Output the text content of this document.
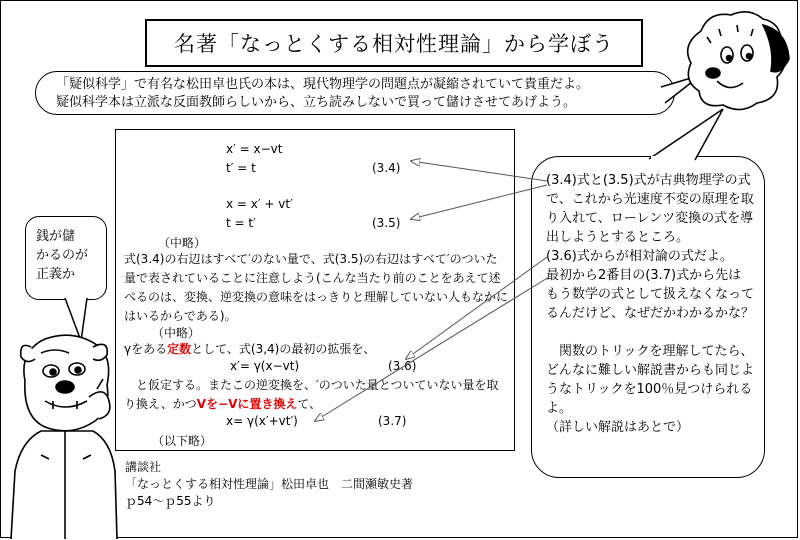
名著「なっとくする相対性理論」から学ぼう
「疑似科学」で有名な松田卓也氏の本は、現代物理学の問題点が凝縮されていて貴重だよ。
疑似科学本は立派な反面教師らしいから、立ち読みしないで買って儲けさせてあげよう。
x′ = x−vt
t′ = t	(3.4)
x = x′ + vt′
t = t′	(3.5)
（中略）
式(3.4)の右辺はすべて′のない量で、式(3.5)の右辺はすべて′のついた量で表されていることに注意しよう(こんな当たり前のことをあえて述べるのは、変換、逆変換の意味をはっきりと理解していない人もなかにはいるからである)。
（中略）
γをある定数として、式(3,4)の最初の拡張を、
x′= γ(x−vt)	(3.6)
と仮定する。またこの逆変換を、′のついた量とついていない量を取り換え、かつVを−Vに置き換えて、
x= γ(x′+vt′)	(3.7)
（以下略）
講談社
「なっとくする相対性理論」松田卓也　二間瀬敏史著
ｐ54〜ｐ55より
(3.4)式と(3.5)式が古典物理学の式で、これから光速度不変の原理を取り入れて、ローレンツ変換の式を導出しようとするところ。
(3.6)式からが相対論の式だよ。
最初から2番目の(3.7)式から先はもう数学の式として扱えなくなってるんだけど、なぜだかわかるかな？

　関数のトリックを理解してたら、どんなに難しい解説書からも同じようなトリックを100％見つけられるよ。
（詳しい解説はあとで）
銭が儲
かるのが
正義か
